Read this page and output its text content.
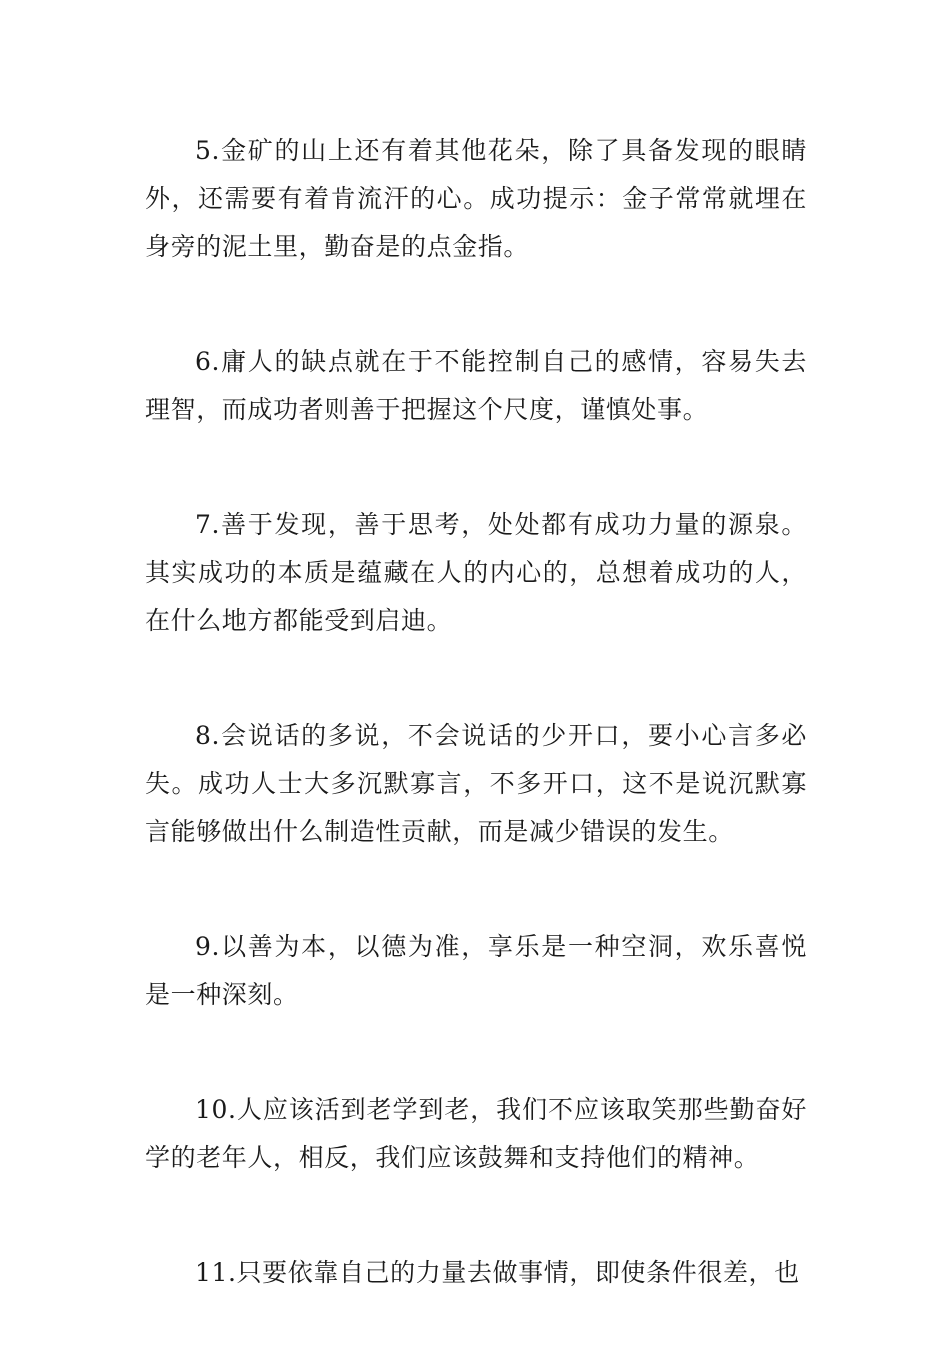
5.金矿的山上还有着其他花朵，除了具备发现的眼睛外，还需要有着肯流汗的心。成功提示：金子常常就埋在身旁的泥土里，勤奋是的点金指。

6.庸人的缺点就在于不能控制自己的感情，容易失去理智，而成功者则善于把握这个尺度，谨慎处事。

7.善于发现，善于思考，处处都有成功力量的源泉。其实成功的本质是蕴藏在人的内心的，总想着成功的人，在什么地方都能受到启迪。

8.会说话的多说，不会说话的少开口，要小心言多必失。成功人士大多沉默寡言，不多开口，这不是说沉默寡言能够做出什么制造性贡献，而是减少错误的发生。

9.以善为本，以德为准，享乐是一种空洞，欢乐喜悦是一种深刻。

10.人应该活到老学到老，我们不应该取笑那些勤奋好学的老年人，相反，我们应该鼓舞和支持他们的精神。

11.只要依靠自己的力量去做事情，即使条件很差，也
